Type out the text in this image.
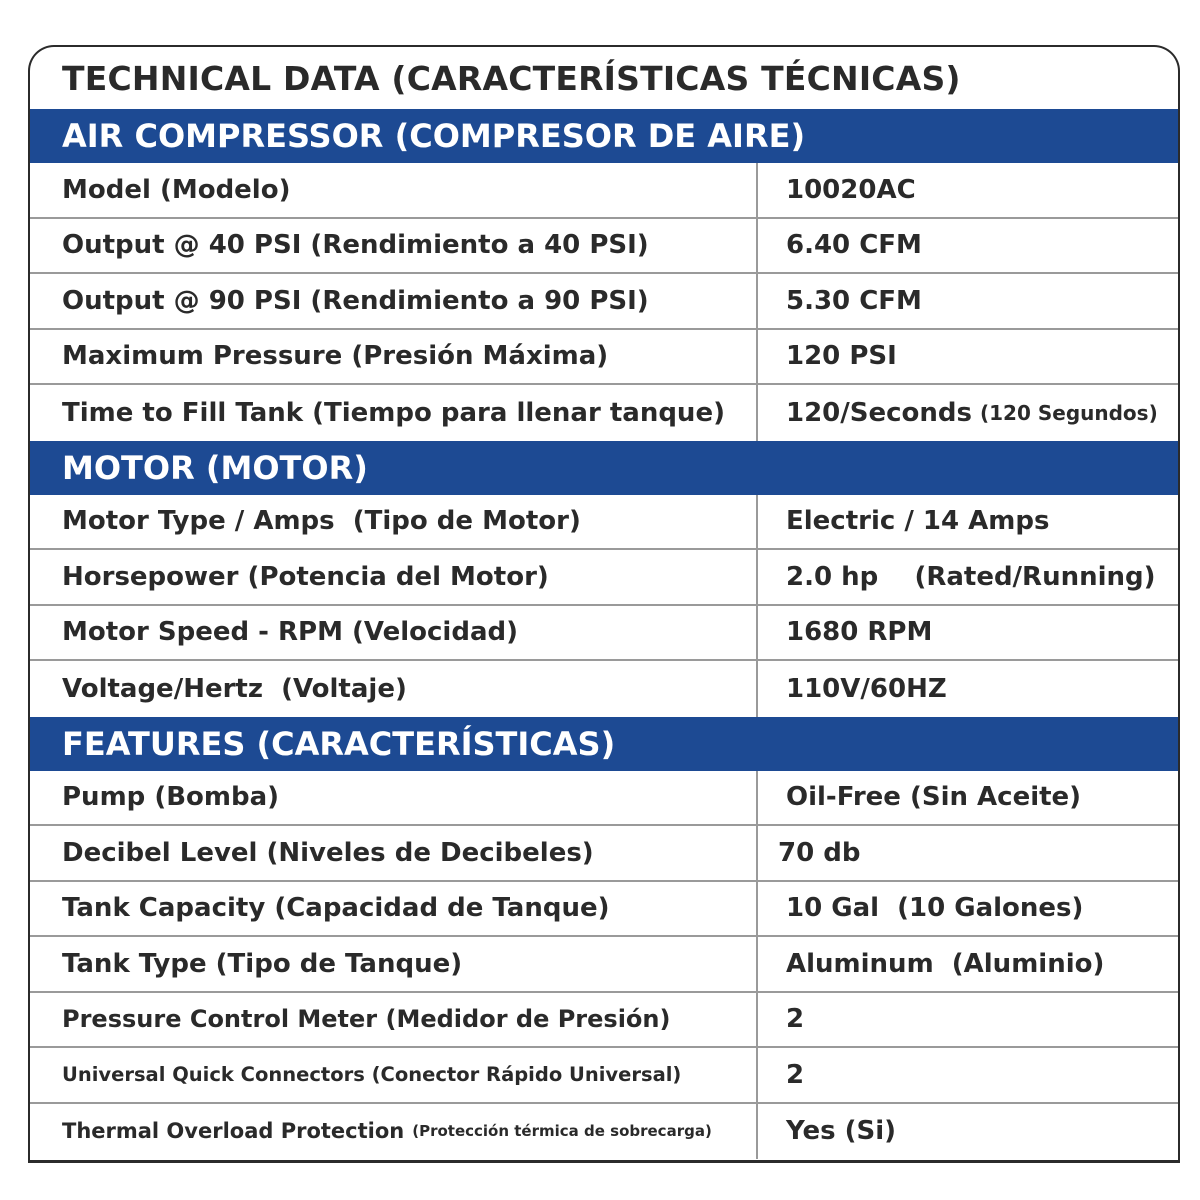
TECHNICAL DATA (CARACTERÍSTICAS TÉCNICAS)
AIR COMPRESSOR (COMPRESOR DE AIRE)
Model (Modelo)	10020AC
Output @ 40 PSI (Rendimiento a 40 PSI)	6.40 CFM
Output @ 90 PSI (Rendimiento a 90 PSI)	5.30 CFM
Maximum Pressure (Presión Máxima)	120 PSI
Time to Fill Tank (Tiempo para llenar tanque)	120/Seconds (120 Segundos)
MOTOR (MOTOR)
Motor Type / Amps  (Tipo de Motor)	Electric / 14 Amps
Horsepower (Potencia del Motor)	2.0 hp    (Rated/Running)
Motor Speed - RPM (Velocidad)	1680 RPM
Voltage/Hertz  (Voltaje)	110V/60HZ
FEATURES (CARACTERÍSTICAS)
Pump (Bomba)	Oil-Free (Sin Aceite)
Decibel Level (Niveles de Decibeles)	70 db
Tank Capacity (Capacidad de Tanque)	10 Gal  (10 Galones)
Tank Type (Tipo de Tanque)	Aluminum  (Aluminio)
Pressure Control Meter (Medidor de Presión)	2
Universal Quick Connectors (Conector Rápido Universal)	2
Thermal Overload Protection (Protección térmica de sobrecarga)	Yes (Si)
